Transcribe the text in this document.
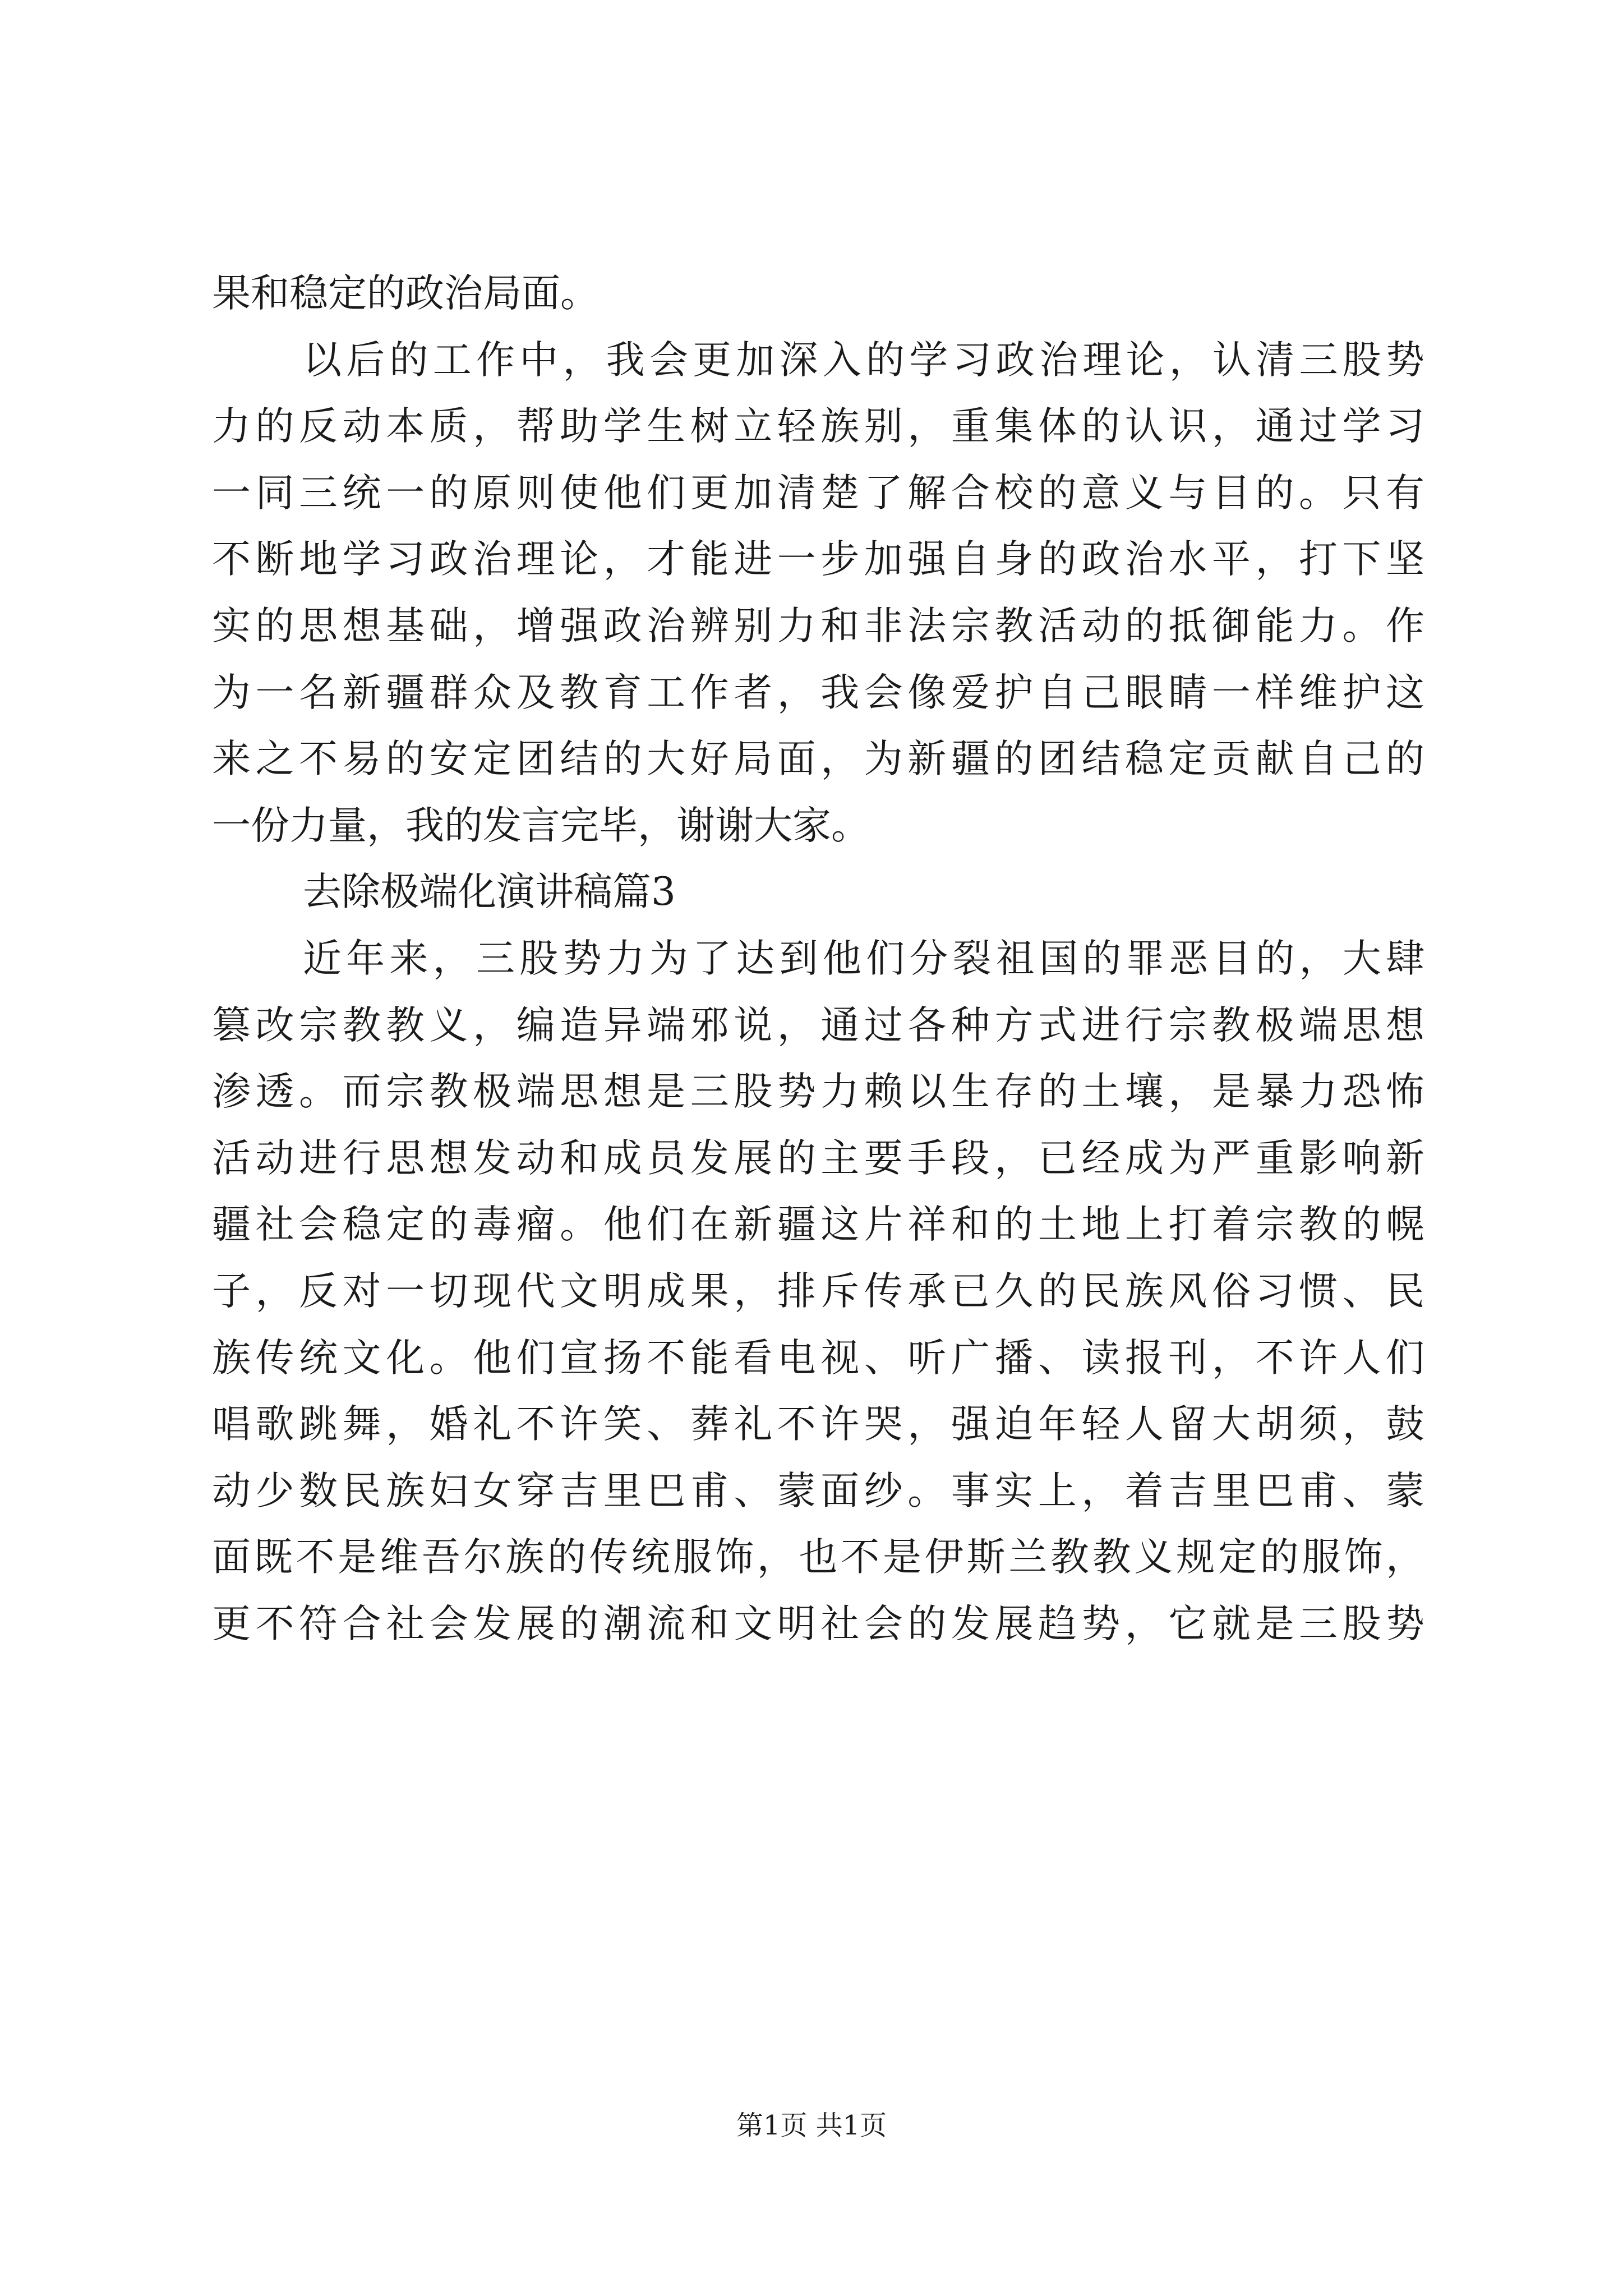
果和稳定的政治局面。
以后的工作中，我会更加深入的学习政治理论，认清三股势
力的反动本质，帮助学生树立轻族别，重集体的认识，通过学习
一同三统一的原则使他们更加清楚了解合校的意义与目的。只有
不断地学习政治理论，才能进一步加强自身的政治水平，打下坚
实的思想基础，增强政治辨别力和非法宗教活动的抵御能力。作
为一名新疆群众及教育工作者，我会像爱护自己眼睛一样维护这
来之不易的安定团结的大好局面，为新疆的团结稳定贡献自己的
一份力量，我的发言完毕，谢谢大家。
去除极端化演讲稿篇3
近年来，三股势力为了达到他们分裂祖国的罪恶目的，大肆
篡改宗教教义，编造异端邪说，通过各种方式进行宗教极端思想
渗透。而宗教极端思想是三股势力赖以生存的土壤，是暴力恐怖
活动进行思想发动和成员发展的主要手段，已经成为严重影响新
疆社会稳定的毒瘤。他们在新疆这片祥和的土地上打着宗教的幌
子，反对一切现代文明成果，排斥传承已久的民族风俗习惯、民
族传统文化。他们宣扬不能看电视、听广播、读报刊，不许人们
唱歌跳舞，婚礼不许笑、葬礼不许哭，强迫年轻人留大胡须，鼓
动少数民族妇女穿吉里巴甫、蒙面纱。事实上，着吉里巴甫、蒙
面既不是维吾尔族的传统服饰，也不是伊斯兰教教义规定的服饰，
更不符合社会发展的潮流和文明社会的发展趋势，它就是三股势
第1页 共1页
